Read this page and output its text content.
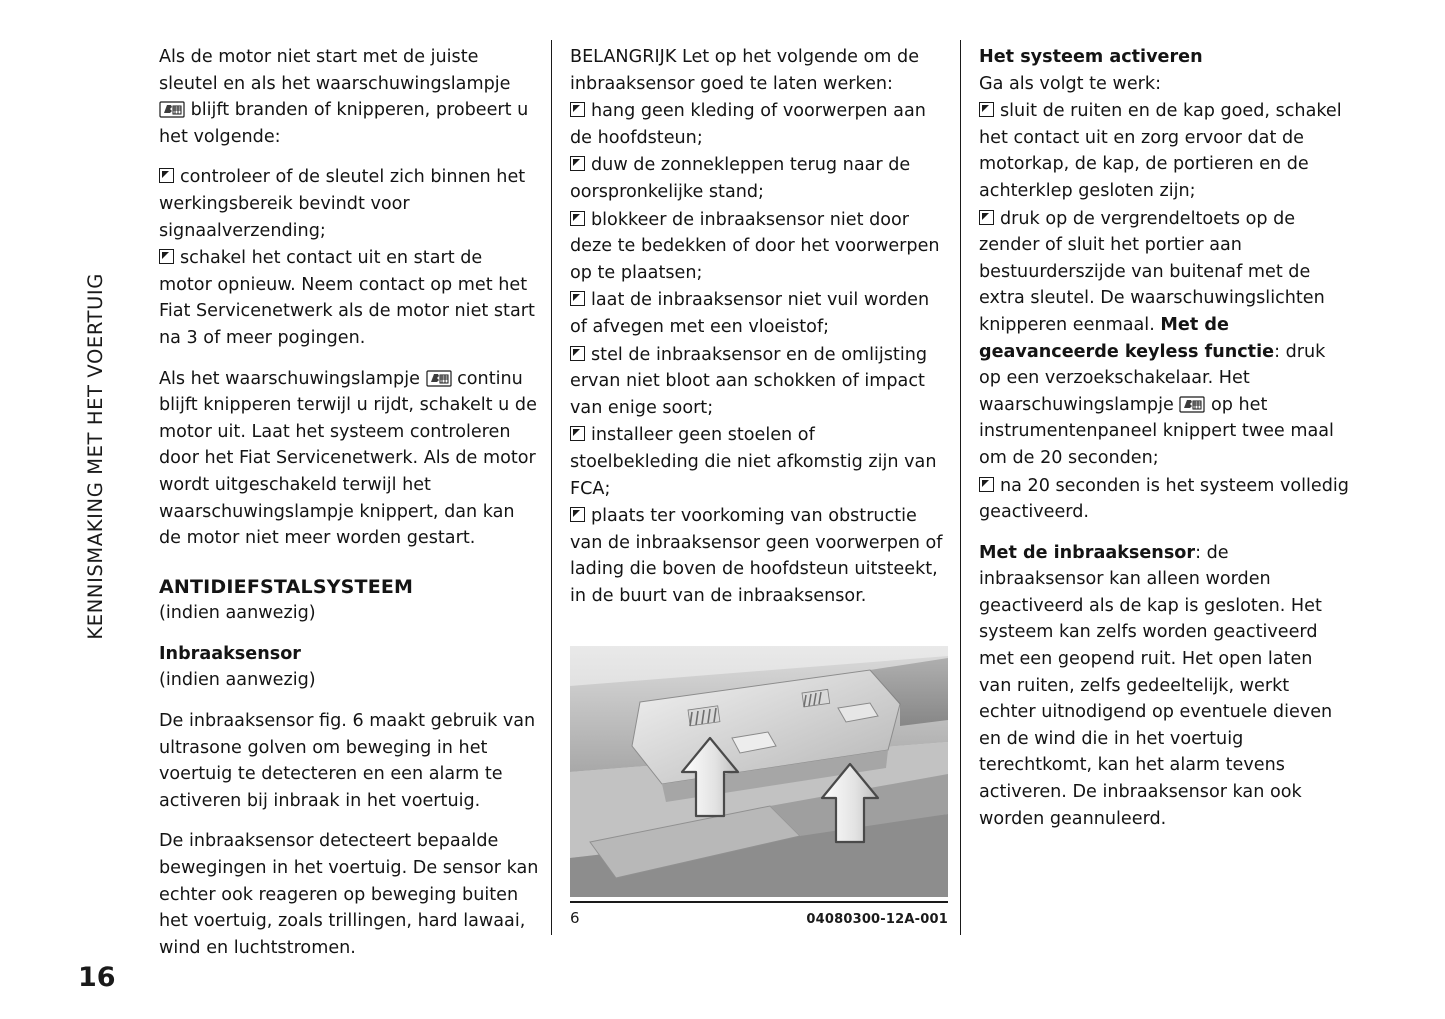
KENNISMAKING MET HET VOERTUIG

Als de motor niet start met de juiste sleutel en als het waarschuwingslampje
blijft branden of knipperen, probeert u het volgende:

controleer of de sleutel zich binnen het werkingsbereik bevindt voor signaalverzending;

schakel het contact uit en start de motor opnieuw. Neem contact op met het Fiat Servicenetwerk als de motor niet start na 3 of meer pogingen.

Als het waarschuwingslampje continu blijft knipperen terwijl u rijdt, schakelt u de motor uit. Laat het systeem controleren door het Fiat Servicenetwerk. Als de motor wordt uitgeschakeld terwijl het waarschuwingslampje knippert, dan kan de motor niet meer worden gestart.

ANTIDIEFSTALSYSTEEM

(indien aanwezig)

Inbraaksensor

(indien aanwezig)

De inbraaksensor fig. 6 maakt gebruik van ultrasone golven om beweging in het voertuig te detecteren en een alarm te activeren bij inbraak in het voertuig.

De inbraaksensor detecteert bepaalde bewegingen in het voertuig. De sensor kan echter ook reageren op beweging buiten het voertuig, zoals trillingen, hard lawaai, wind en luchtstromen.

BELANGRIJK Let op het volgende om de inbraaksensor goed te laten werken:

hang geen kleding of voorwerpen aan de hoofdsteun;

duw de zonnekleppen terug naar de oorspronkelijke stand;

blokkeer de inbraaksensor niet door deze te bedekken of door het voorwerpen op te plaatsen;

laat de inbraaksensor niet vuil worden of afvegen met een vloeistof;

stel de inbraaksensor en de omlijsting ervan niet bloot aan schokken of impact van enige soort;

installeer geen stoelen of stoelbekleding die niet afkomstig zijn van FCA;

plaats ter voorkoming van obstructie van de inbraaksensor geen voorwerpen of lading die boven de hoofdsteun uitsteekt, in de buurt van de inbraaksensor.

6	04080300-12A-001
Het systeem activeren

Ga als volgt te werk:

sluit de ruiten en de kap goed, schakel het contact uit en zorg ervoor dat de motorkap, de kap, de portieren en de achterklep gesloten zijn;

druk op de vergrendeltoets op de zender of sluit het portier aan bestuurderszijde van buitenaf met de extra sleutel. De waarschuwingslichten knipperen eenmaal. Met de geavanceerde keyless functie: druk op een verzoekschakelaar. Het waarschuwingslampje op het instrumentenpaneel knippert twee maal om de 20 seconden;

na 20 seconden is het systeem volledig geactiveerd.

Met de inbraaksensor: de inbraaksensor kan alleen worden geactiveerd als de kap is gesloten. Het systeem kan zelfs worden geactiveerd met een geopend ruit. Het open laten van ruiten, zelfs gedeeltelijk, werkt echter uitnodigend op eventuele dieven en de wind die in het voertuig terechtkomt, kan het alarm tevens activeren. De inbraaksensor kan ook worden geannuleerd.

16
